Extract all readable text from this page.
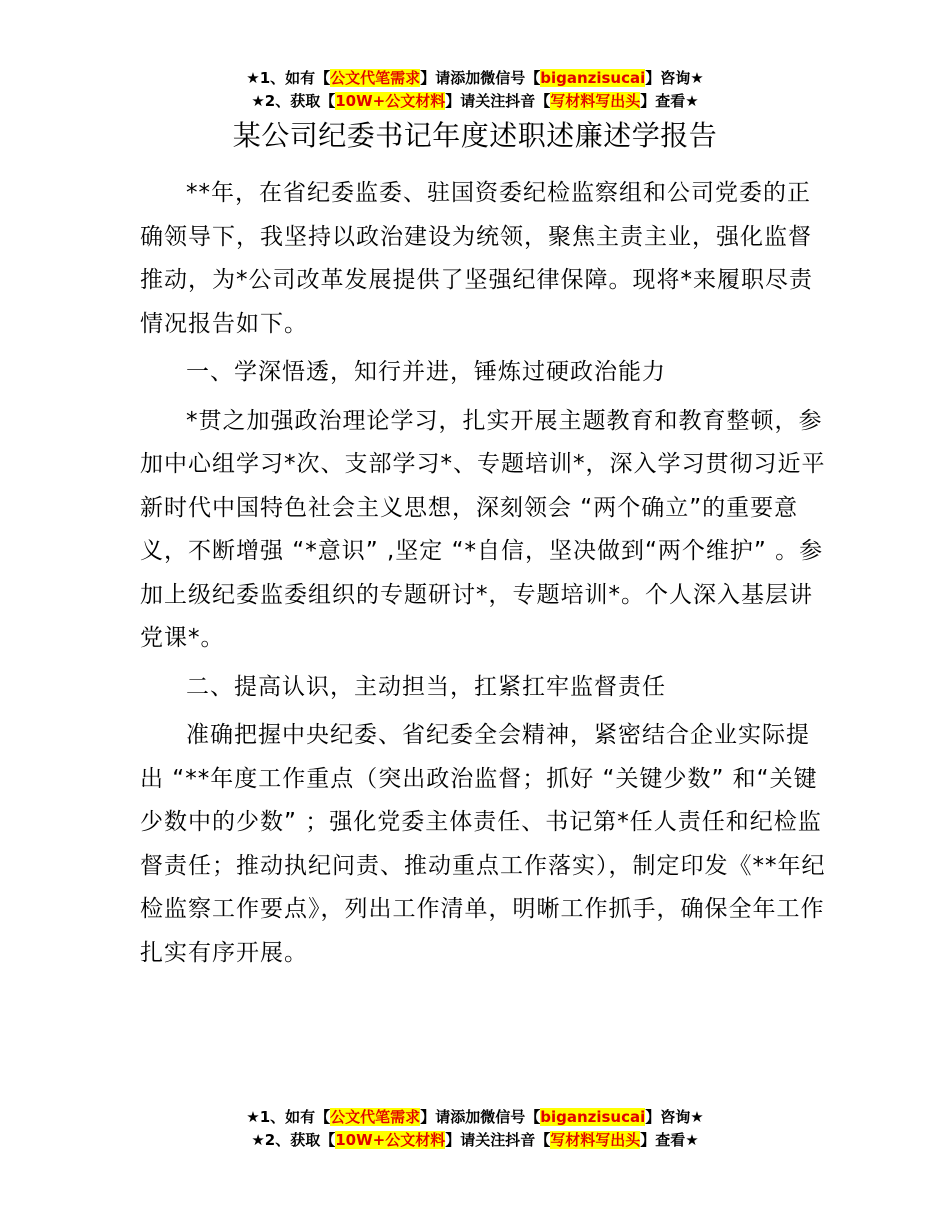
★1、如有【公文代笔需求】请添加微信号【biganzisucai】咨询★
★2、获取【10W+公文材料】请关注抖音【写材料写出头】查看★
某公司纪委书记年度述职述廉述学报告

**年，在省纪委监委、驻国资委纪检监察组和公司党委的正确领导下，我坚持以政治建设为统领，聚焦主责主业，强化监督推动，为*公司改革发展提供了坚强纪律保障。现将*来履职尽责情况报告如下。

一、学深悟透，知行并进，锤炼过硬政治能力

*贯之加强政治理论学习，扎实开展主题教育和教育整顿，参加中心组学习*次、支部学习*、专题培训*，深入学习贯彻习近平新时代中国特色社会主义思想，深刻领会 “两个确立”的重要意义，不断增强 “*意识” ,坚定 “*自信，坚决做到“两个维护” 。参加上级纪委监委组织的专题研讨*，专题培训*。个人深入基层讲党课*。

二、提高认识，主动担当，扛紧扛牢监督责任

准确把握中央纪委、省纪委全会精神，紧密结合企业实际提出 “**年度工作重点（突出政治监督；抓好 “关键少数” 和“关键少数中的少数” ；强化党委主体责任、书记第*任人责任和纪检监督责任；推动执纪问责、推动重点工作落实），制定印发《**年纪检监察工作要点》，列出工作清单，明晰工作抓手，确保全年工作扎实有序开展。

★1、如有【公文代笔需求】请添加微信号【biganzisucai】咨询★
★2、获取【10W+公文材料】请关注抖音【写材料写出头】查看★
